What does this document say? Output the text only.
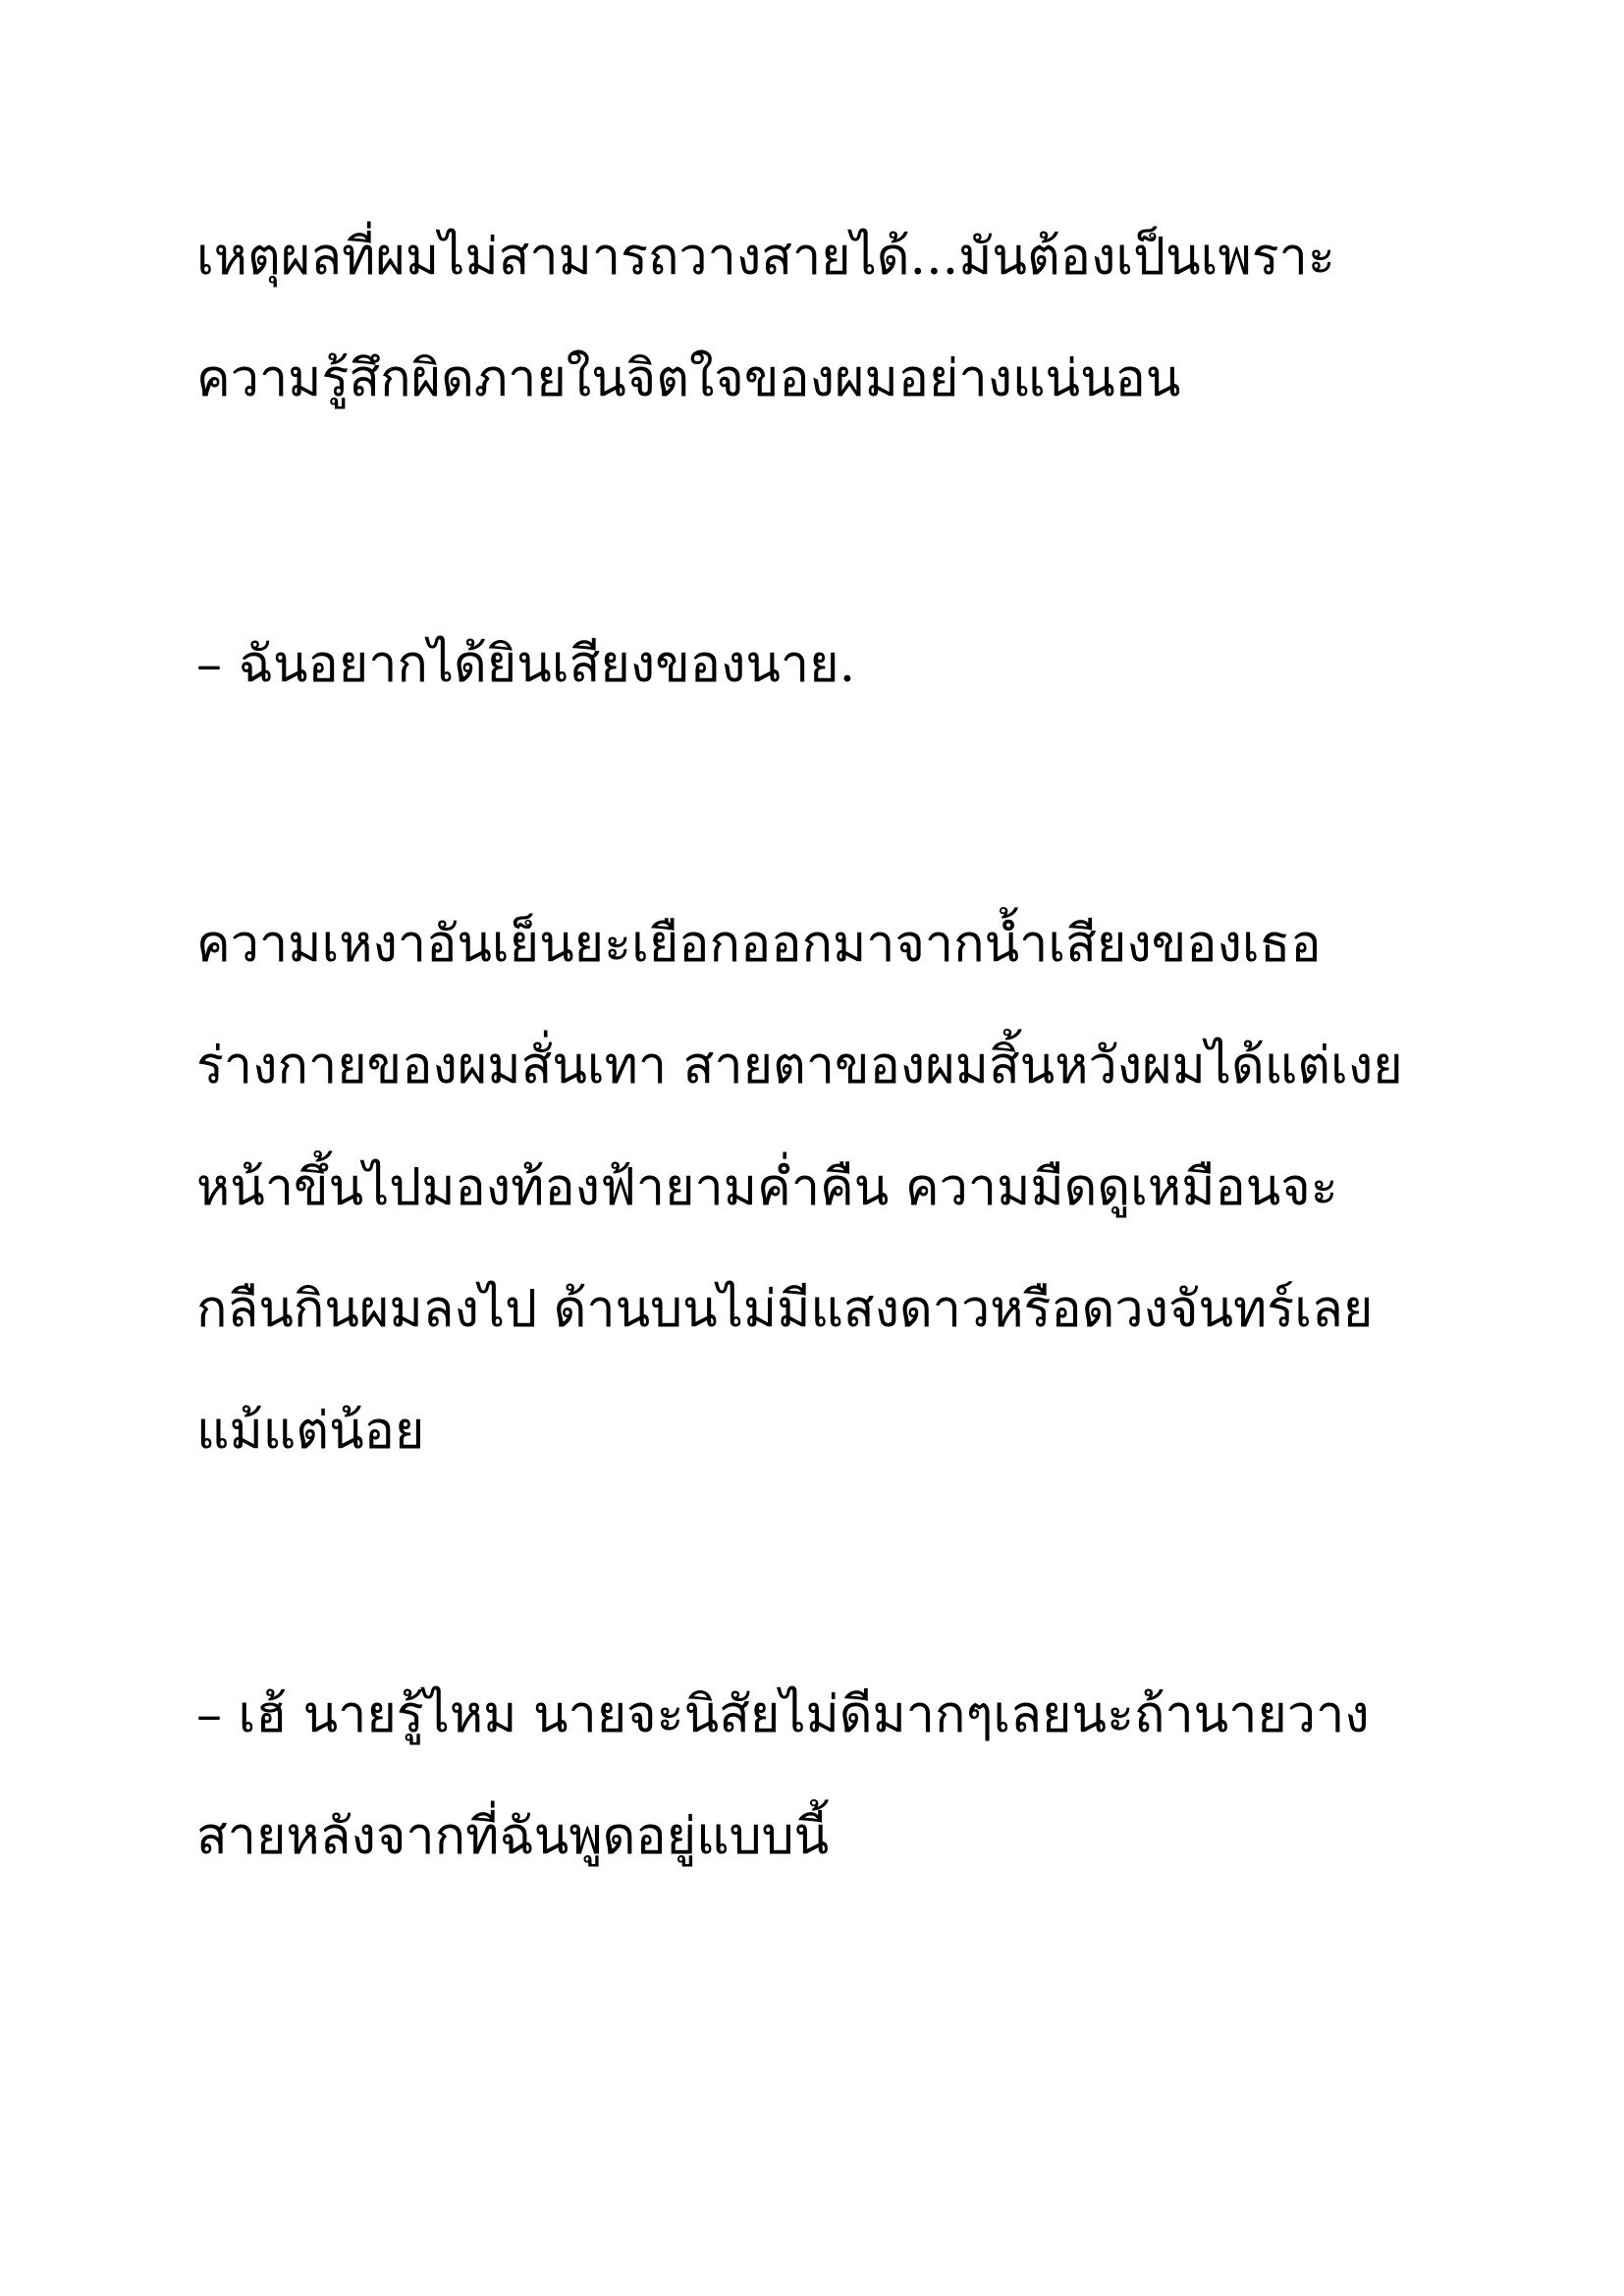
เหตุผลที่ผมไม่สามารถวางสายได้...มันต้องเป็นเพราะ
ความรู้สึกผิดภายในจิตใจของผมอย่างแน่นอน
– ฉันอยากได้ยินเสียงของนาย.
ความเหงาอันเย็นยะเยือกออกมาจากน้ำเสียงของเธอ
ร่างกายของผมสั่นเทา สายตาของผมสิ้นหวังผมได้แต่เงย
หน้าขึ้นไปมองท้องฟ้ายามค่ำคืน ความมืดดูเหมือนจะ
กลืนกินผมลงไป ด้านบนไม่มีแสงดาวหรือดวงจันทร์เลย
แม้แต่น้อย
– เฮ้ นายรู้ไหม นายจะนิสัยไม่ดีมากๆเลยนะถ้านายวาง
สายหลังจากที่ฉันพูดอยู่แบบนี้
